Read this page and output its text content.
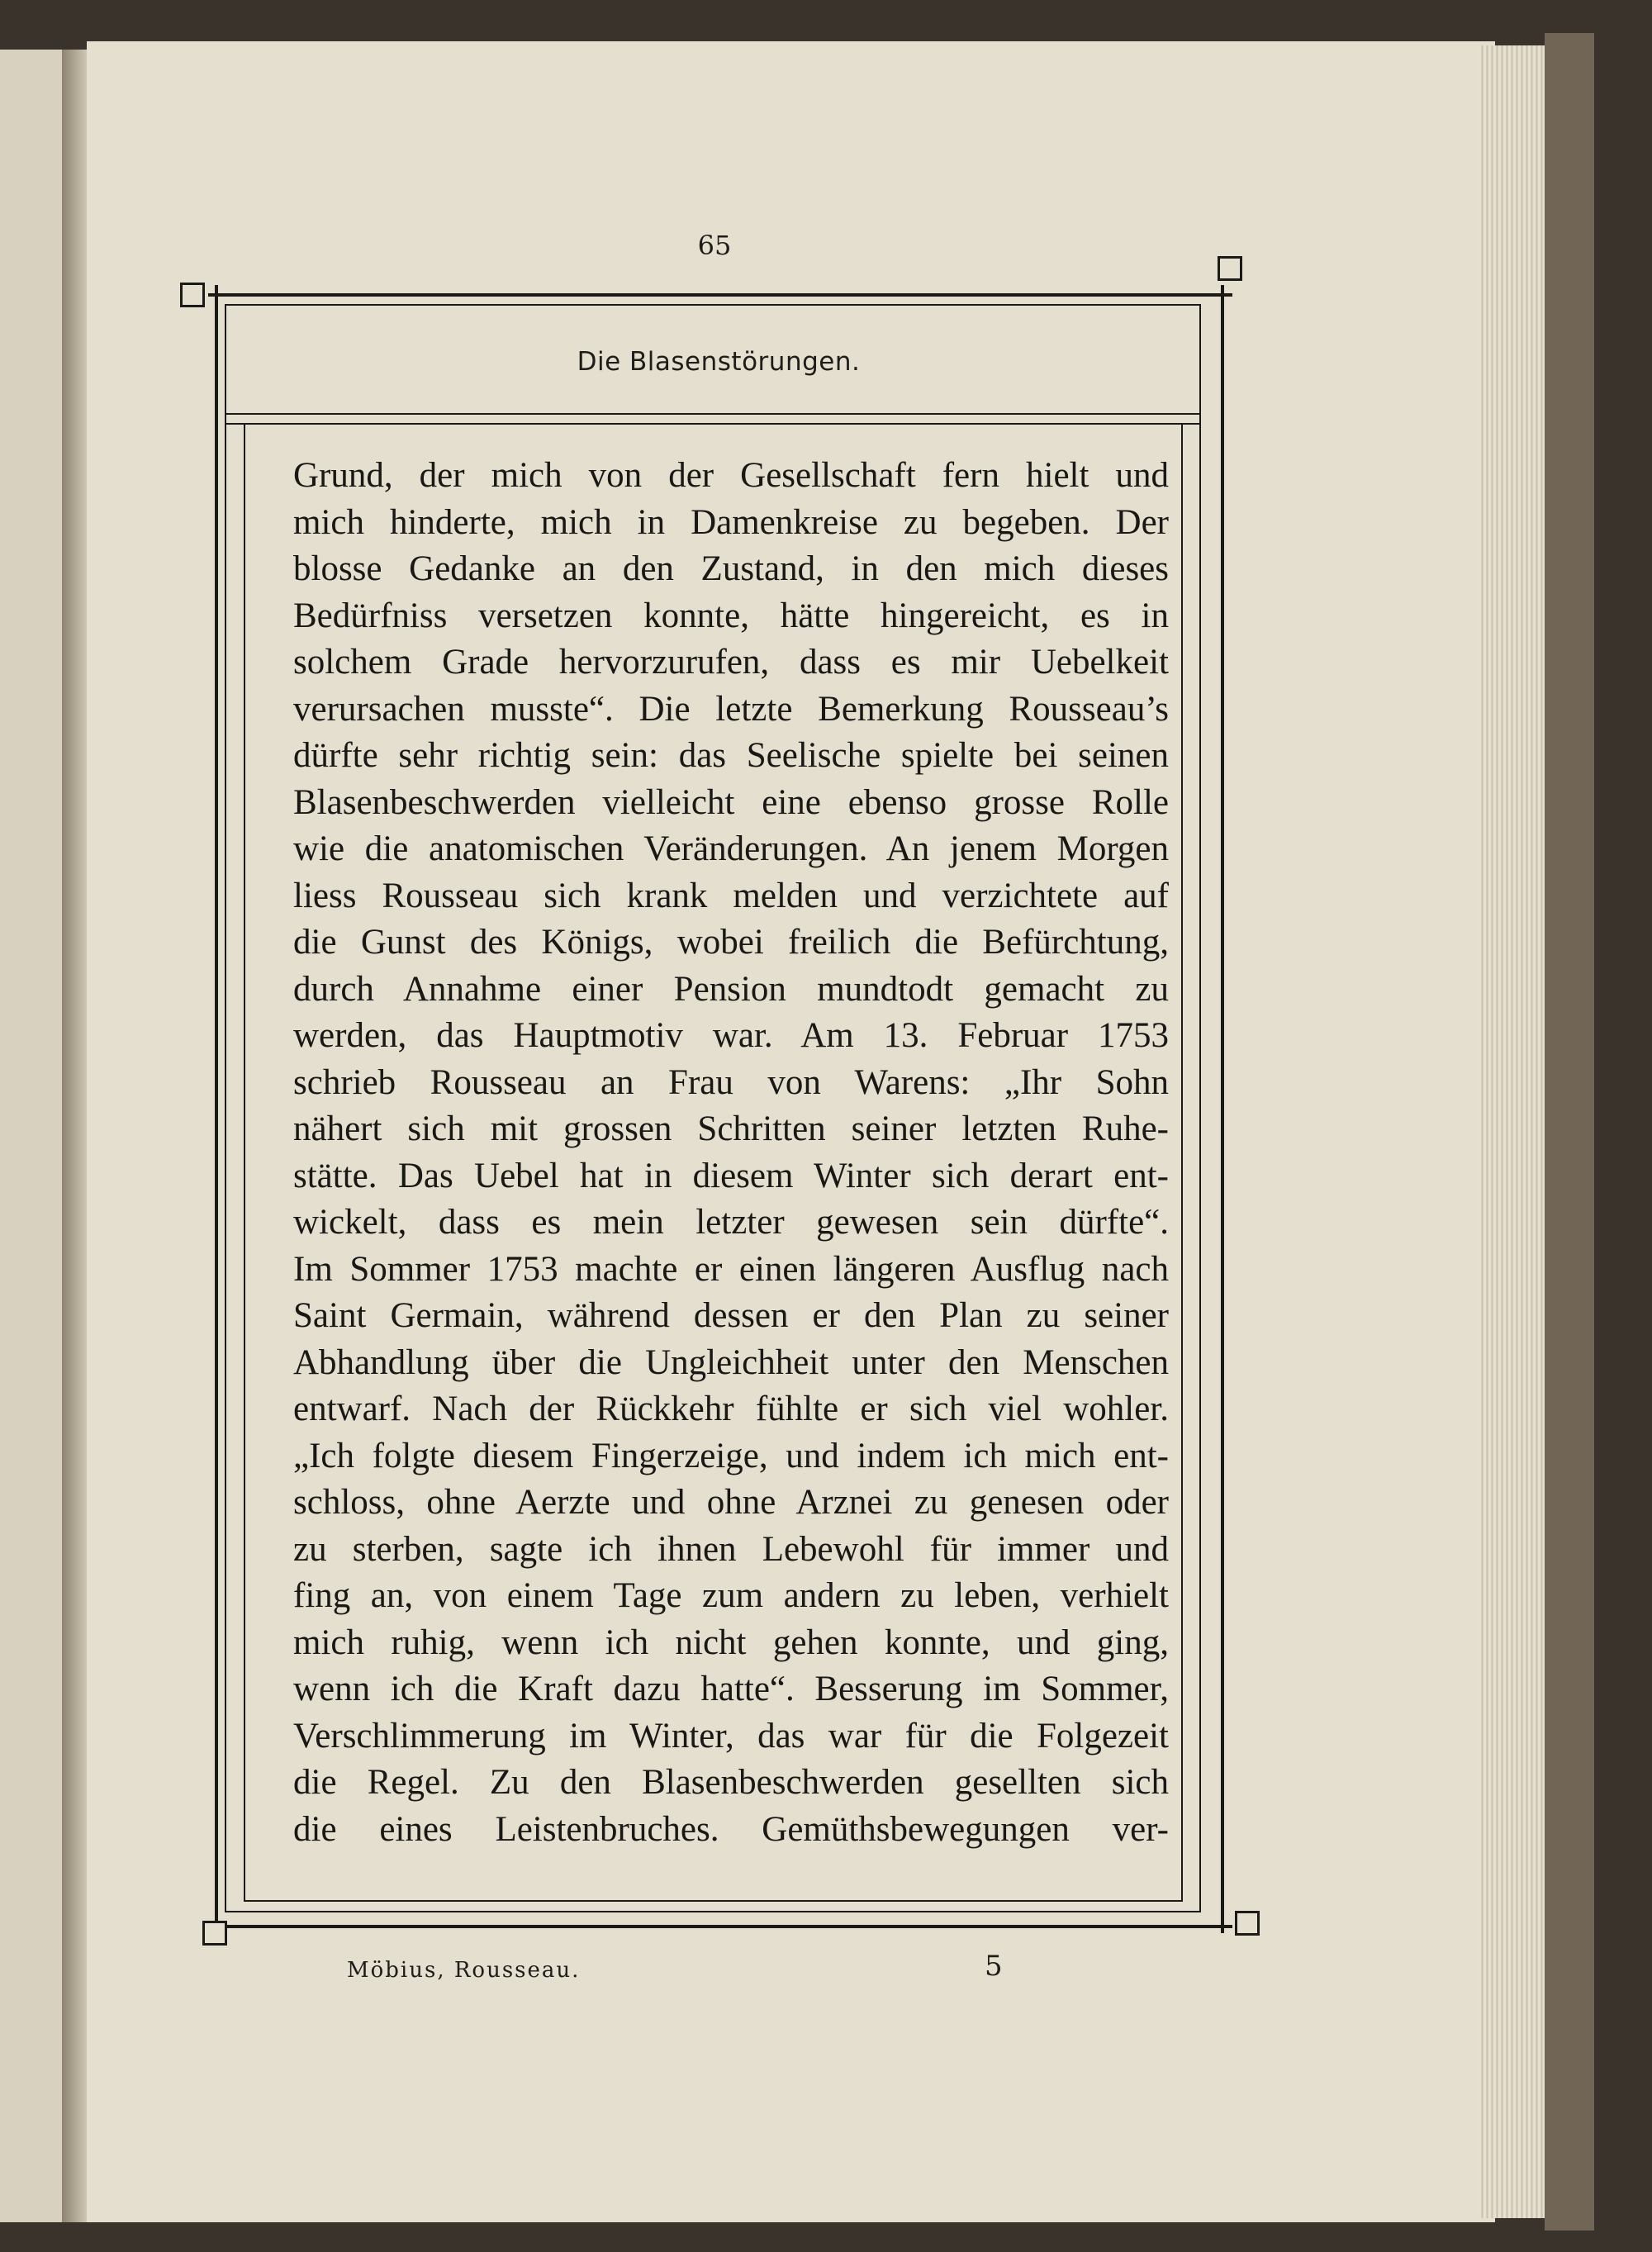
65
Die Blasenstörungen.
Grund, der mich von der Gesellschaft fern hielt und
mich hinderte, mich in Damenkreise zu begeben. Der
blosse Gedanke an den Zustand, in den mich dieses
Bedürfniss versetzen konnte, hätte hingereicht, es in
solchem Grade hervorzurufen, dass es mir Uebelkeit
verursachen musste“. Die letzte Bemerkung Rousseau’s
dürfte sehr richtig sein: das Seelische spielte bei seinen
Blasenbeschwerden vielleicht eine ebenso grosse Rolle
wie die anatomischen Veränderungen. An jenem Morgen
liess Rousseau sich krank melden und verzichtete auf
die Gunst des Königs, wobei freilich die Befürchtung,
durch Annahme einer Pension mundtodt gemacht zu
werden, das Hauptmotiv war. Am 13. Februar 1753
schrieb Rousseau an Frau von Warens: „Ihr Sohn
nähert sich mit grossen Schritten seiner letzten Ruhe-
stätte. Das Uebel hat in diesem Winter sich derart ent-
wickelt, dass es mein letzter gewesen sein dürfte“.
Im Sommer 1753 machte er einen längeren Ausflug nach
Saint Germain, während dessen er den Plan zu seiner
Abhandlung über die Ungleichheit unter den Menschen
entwarf. Nach der Rückkehr fühlte er sich viel wohler.
„Ich folgte diesem Fingerzeige, und indem ich mich ent-
schloss, ohne Aerzte und ohne Arznei zu genesen oder
zu sterben, sagte ich ihnen Lebewohl für immer und
fing an, von einem Tage zum andern zu leben, verhielt
mich ruhig, wenn ich nicht gehen konnte, und ging,
wenn ich die Kraft dazu hatte“. Besserung im Sommer,
Verschlimmerung im Winter, das war für die Folgezeit
die Regel. Zu den Blasenbeschwerden gesellten sich
die eines Leistenbruches. Gemüthsbewegungen ver-
Möbius, Rousseau.	5
